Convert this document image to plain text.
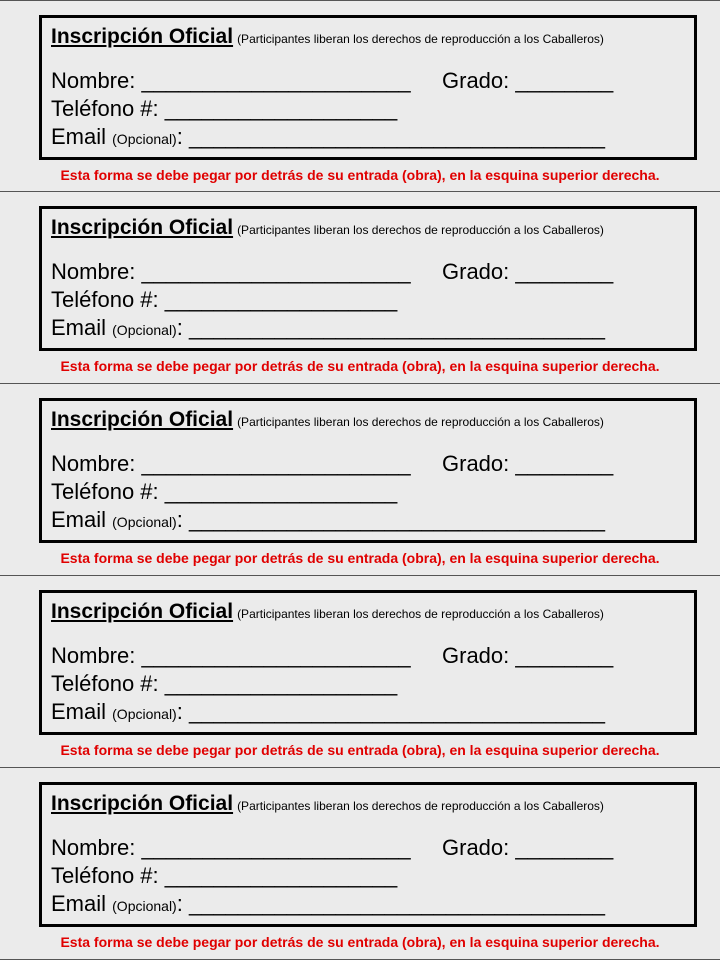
Inscripción Oficial (Participantes liberan los derechos de reproducción a los Caballeros)
Nombre: ______________________ Grado: ________
Teléfono #: ___________________
Email (Opcional): __________________________________
Esta forma se debe pegar por detrás de su entrada (obra), en la esquina superior derecha.
Inscripción Oficial (Participantes liberan los derechos de reproducción a los Caballeros)
Nombre: ______________________ Grado: ________
Teléfono #: ___________________
Email (Opcional): __________________________________
Esta forma se debe pegar por detrás de su entrada (obra), en la esquina superior derecha.
Inscripción Oficial (Participantes liberan los derechos de reproducción a los Caballeros)
Nombre: ______________________ Grado: ________
Teléfono #: ___________________
Email (Opcional): __________________________________
Esta forma se debe pegar por detrás de su entrada (obra), en la esquina superior derecha.
Inscripción Oficial (Participantes liberan los derechos de reproducción a los Caballeros)
Nombre: ______________________ Grado: ________
Teléfono #: ___________________
Email (Opcional): __________________________________
Esta forma se debe pegar por detrás de su entrada (obra), en la esquina superior derecha.
Inscripción Oficial (Participantes liberan los derechos de reproducción a los Caballeros)
Nombre: ______________________ Grado: ________
Teléfono #: ___________________
Email (Opcional): __________________________________
Esta forma se debe pegar por detrás de su entrada (obra), en la esquina superior derecha.
